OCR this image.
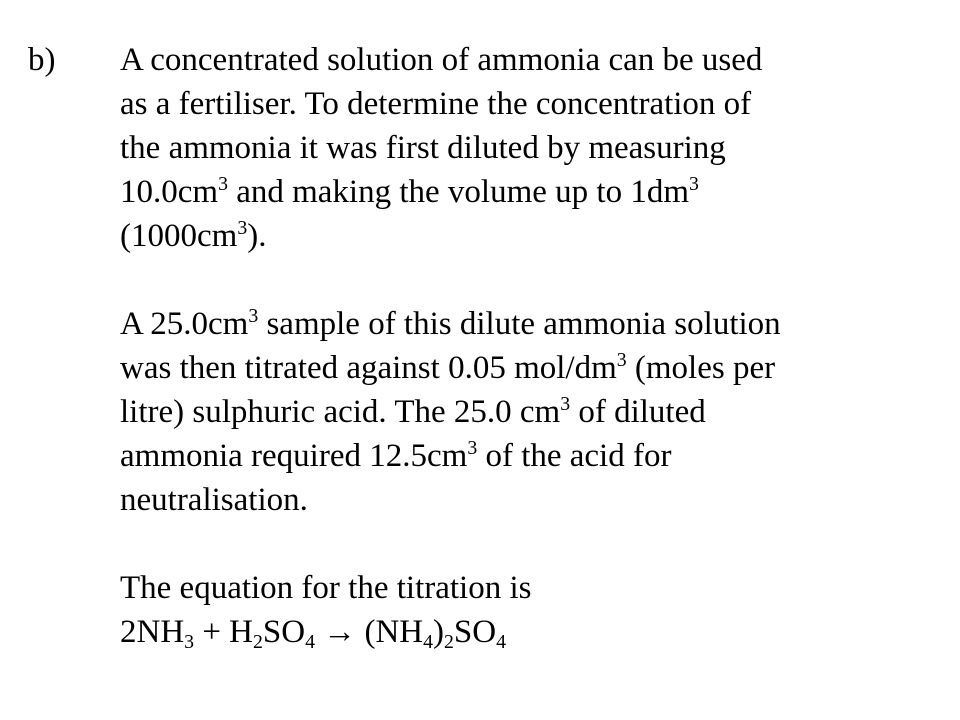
b) A concentrated solution of ammonia can be used
as a fertiliser. To determine the concentration of
the ammonia it was first diluted by measuring
$10.0cm^3$ and making the volume up to $1dm^3$
$(1000cm^3)$.
A $25.0cm^3$ sample of this dilute ammonia solution
was then titrated against 0.05 mol/$dm^3$ (moles per
litre) sulphuric acid. The 25.0 $cm^3$ of diluted
ammonia required $12.5cm^3$ of the acid for
neutralisation.
The equation for the titration is
$2NH_3 + H_2SO_4 \to (NH_4)_2SO_4$
